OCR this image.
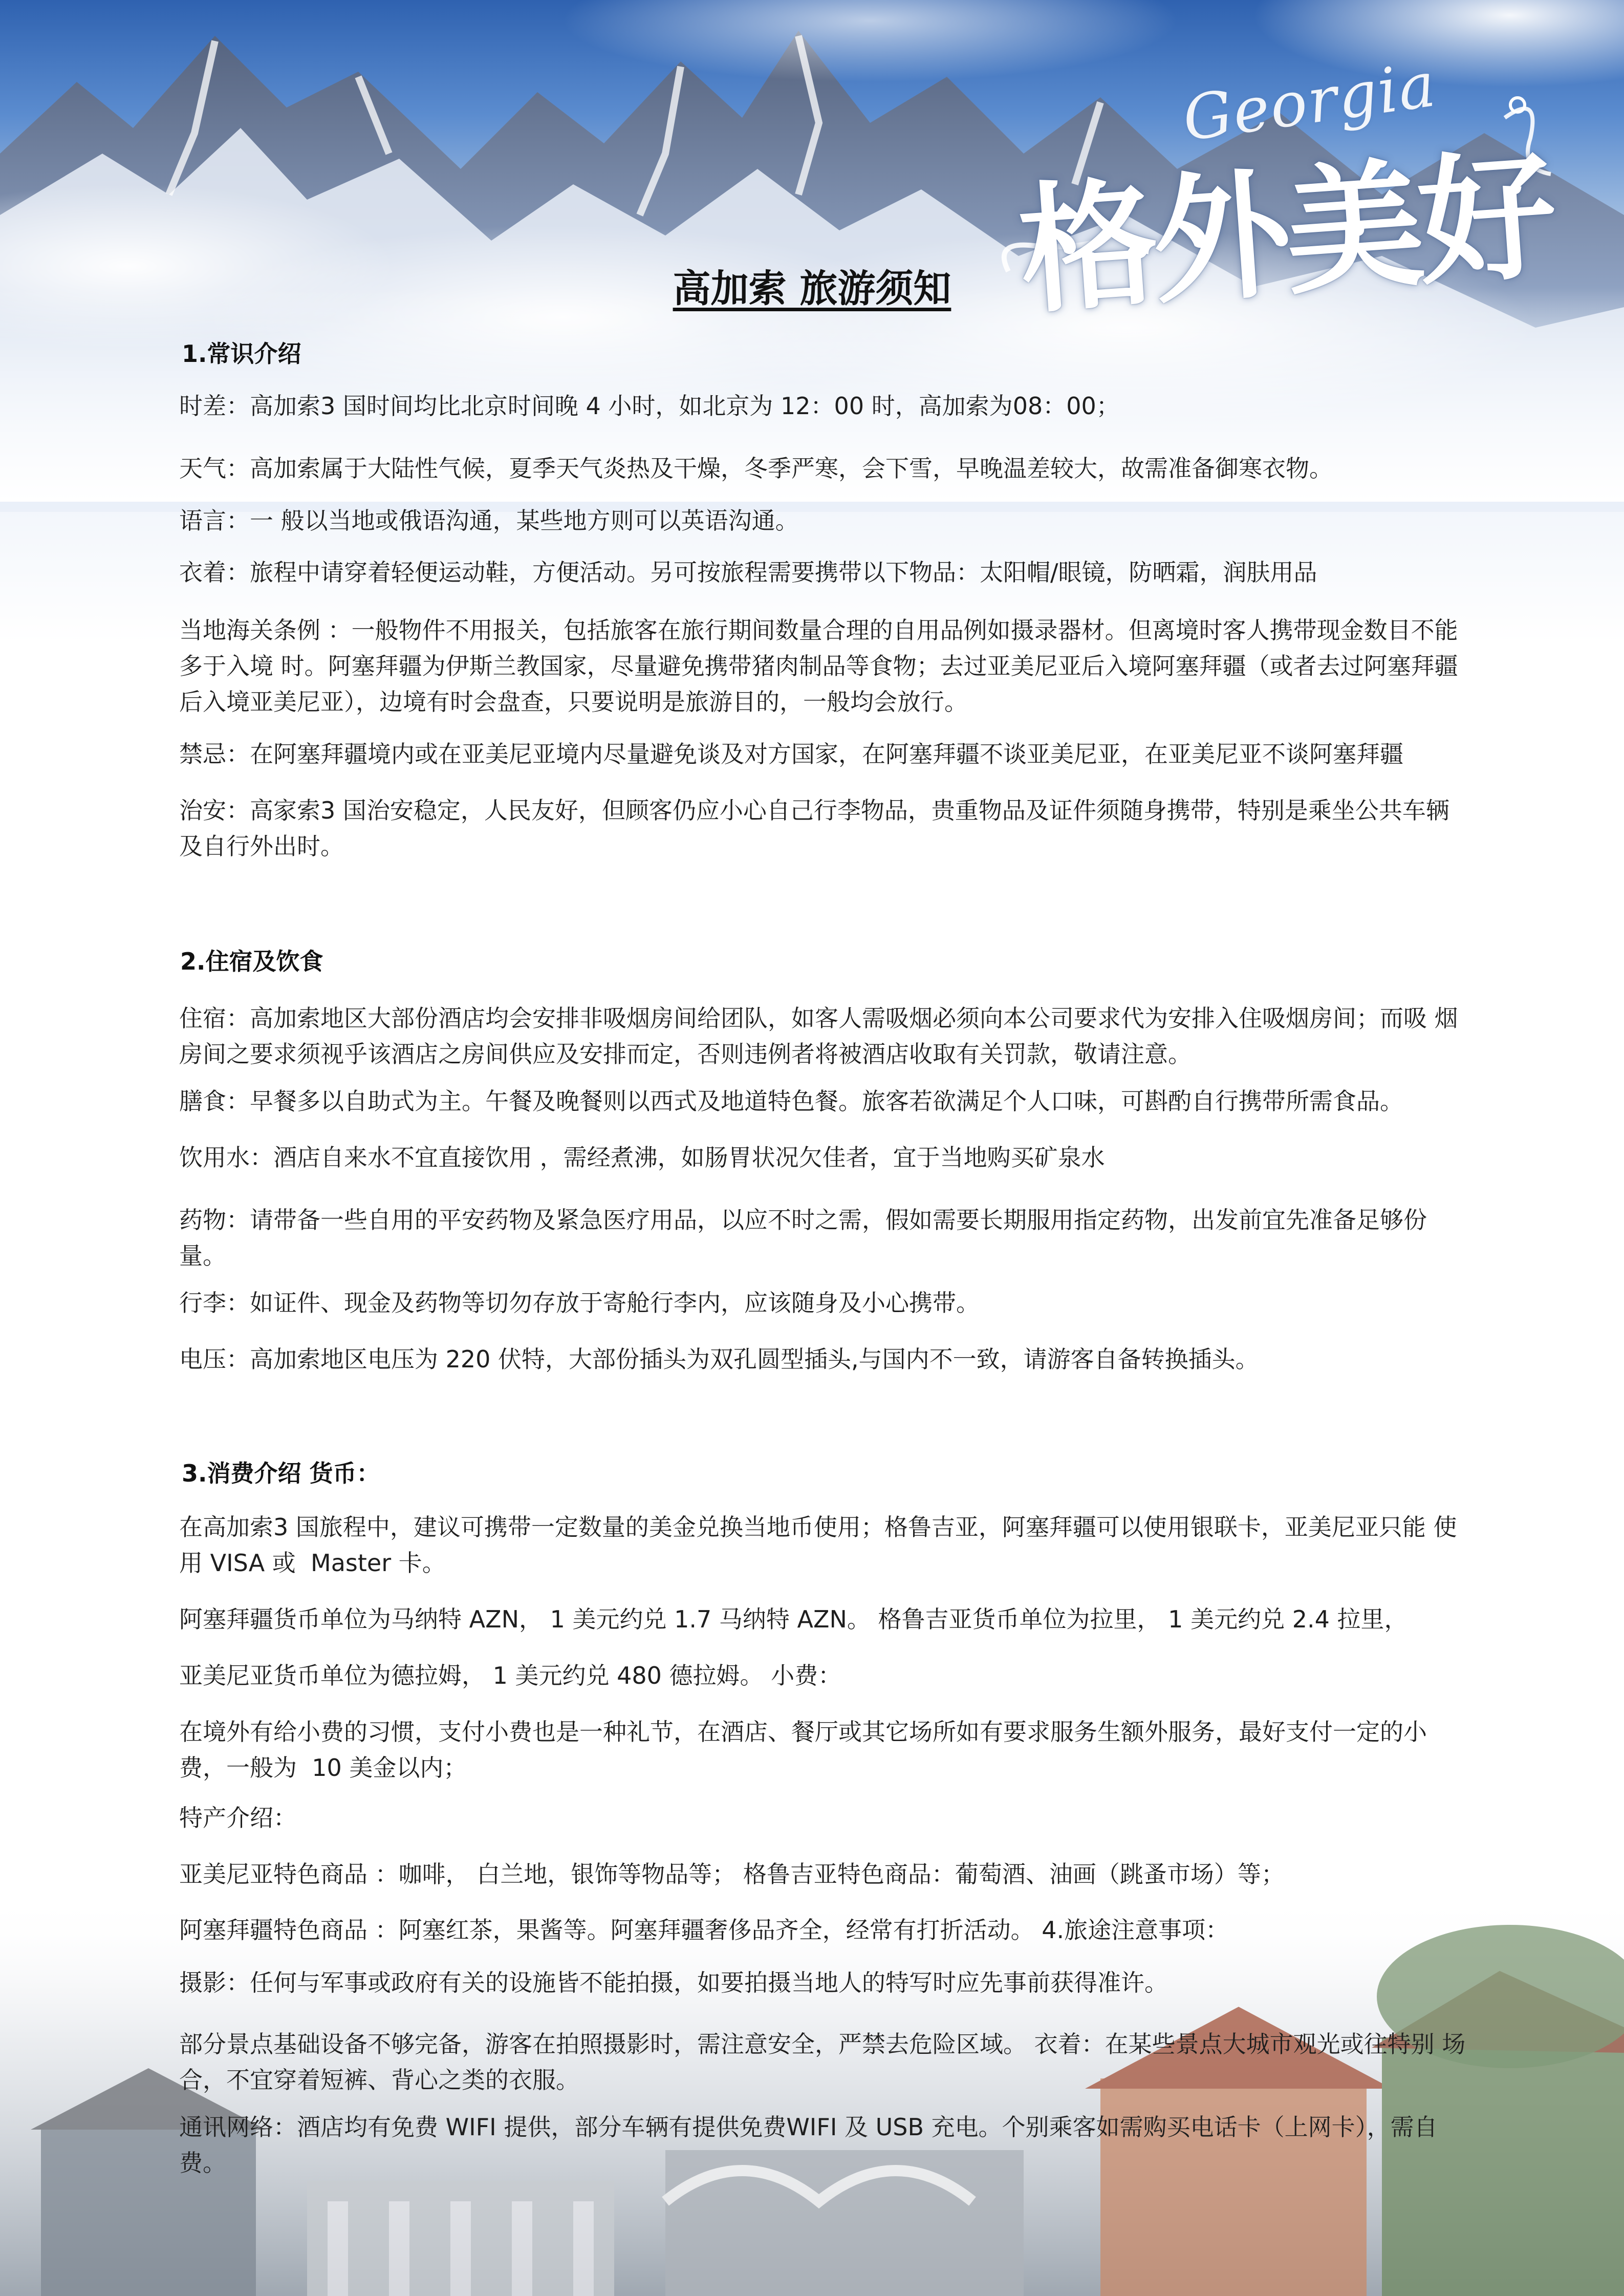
Georgia
格外美好
高加索 旅游须知
1.常识介绍
时差：高加索3 国时间均比北京时间晚 4 小时，如北京为 12：00 时，高加索为08：00；
天气：高加索属于大陆性气候，夏季天气炎热及干燥，冬季严寒，会下雪，早晚温差较大，故需准备御寒衣物。
语言：一 般以当地或俄语沟通，某些地方则可以英语沟通。
衣着：旅程中请穿着轻便运动鞋，方便活动。另可按旅程需要携带以下物品：太阳帽/眼镜，防晒霜，润肤用品
当地海关条例 ：一般物件不用报关，包括旅客在旅行期间数量合理的自用品例如摄录器材。但离境时客人携带现金数目不能多于入境 时。阿塞拜疆为伊斯兰教国家，尽量避免携带猪肉制品等食物；去过亚美尼亚后入境阿塞拜疆（或者去过阿塞拜疆后入境亚美尼亚），边境有时会盘查，只要说明是旅游目的，一般均会放行。
禁忌：在阿塞拜疆境内或在亚美尼亚境内尽量避免谈及对方国家，在阿塞拜疆不谈亚美尼亚，在亚美尼亚不谈阿塞拜疆
治安：高家索3 国治安稳定，人民友好，但顾客仍应小心自己行李物品，贵重物品及证件须随身携带，特别是乘坐公共车辆及自行外出时。
2.住宿及饮食
住宿：高加索地区大部份酒店均会安排非吸烟房间给团队，如客人需吸烟必须向本公司要求代为安排入住吸烟房间；而吸 烟房间之要求须视乎该酒店之房间供应及安排而定，否则违例者将被酒店收取有关罚款，敬请注意。
膳食：早餐多以自助式为主。午餐及晚餐则以西式及地道特色餐。旅客若欲满足个人口味，可斟酌自行携带所需食品。
饮用水：酒店自来水不宜直接饮用 ，需经煮沸，如肠胃状况欠佳者，宜于当地购买矿泉水
药物：请带备一些自用的平安药物及紧急医疗用品，以应不时之需，假如需要长期服用指定药物，出发前宜先准备足够份量。
行李：如证件、现金及药物等切勿存放于寄舱行李内，应该随身及小心携带。
电压：高加索地区电压为 220 伏特，大部份插头为双孔圆型插头,与国内不一致，请游客自备转换插头。
3.消费介绍 货币：
在高加索3 国旅程中，建议可携带一定数量的美金兑换当地币使用；格鲁吉亚，阿塞拜疆可以使用银联卡，亚美尼亚只能 使用 VISA 或  Master 卡。
阿塞拜疆货币单位为马纳特 AZN， 1 美元约兑 1.7 马纳特 AZN。 格鲁吉亚货币单位为拉里， 1 美元约兑 2.4 拉里，
亚美尼亚货币单位为德拉姆， 1 美元约兑 480 德拉姆。 小费：
在境外有给小费的习惯，支付小费也是一种礼节，在酒店、餐厅或其它场所如有要求服务生额外服务，最好支付一定的小费，一般为  10 美金以内；
特产介绍：
亚美尼亚特色商品 ：咖啡， 白兰地，银饰等物品等； 格鲁吉亚特色商品：葡萄酒、油画（跳蚤市场）等；
阿塞拜疆特色商品 ：阿塞红茶，果酱等。阿塞拜疆奢侈品齐全，经常有打折活动。 4.旅途注意事项：
摄影：任何与军事或政府有关的设施皆不能拍摄，如要拍摄当地人的特写时应先事前获得准许。
部分景点基础设备不够完备，游客在拍照摄影时，需注意安全，严禁去危险区域。 衣着：在某些景点大城市观光或往特别 场合，不宜穿着短裤、背心之类的衣服。
通讯网络：酒店均有免费 WIFI 提供，部分车辆有提供免费WIFI 及 USB 充电。个别乘客如需购买电话卡（上网卡），需自费。
